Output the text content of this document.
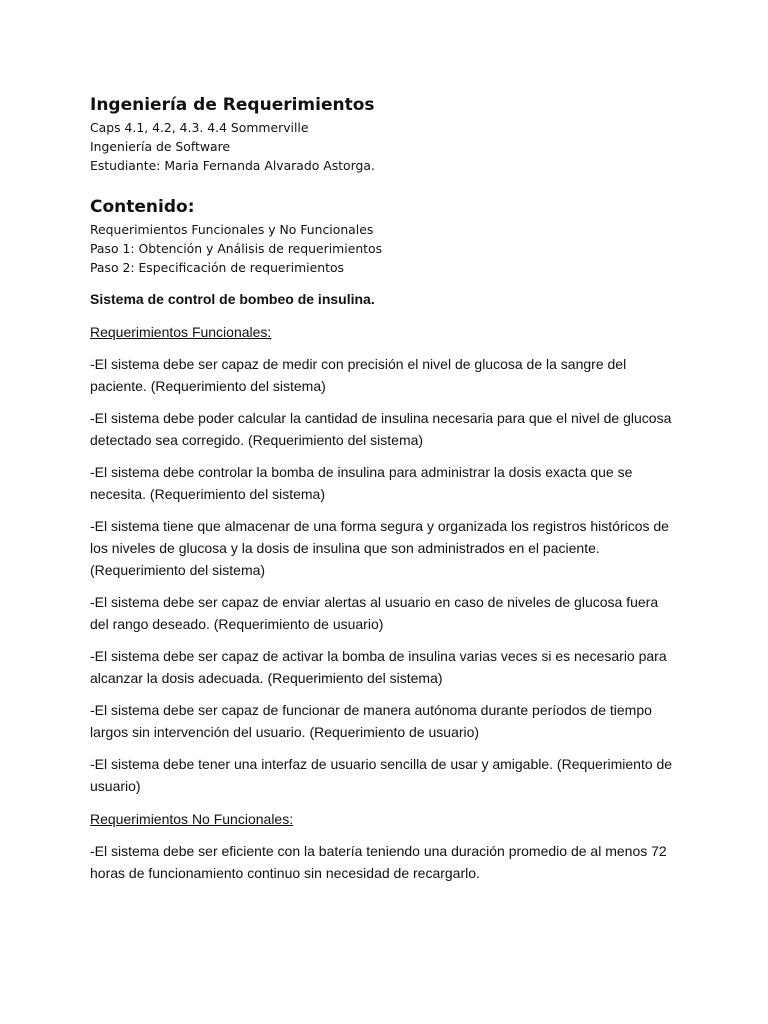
Ingeniería de Requerimientos

Caps 4.1, 4.2, 4.3. 4.4 Sommerville

Ingeniería de Software

Estudiante: Maria Fernanda Alvarado Astorga.

Contenido:
Requerimientos Funcionales y No Funcionales
Paso 1: Obtención y Análisis de requerimientos
Paso 2: Especificación de requerimientos

Sistema de control de bombeo de insulina.

Requerimientos Funcionales:

-El sistema debe ser capaz de medir con precisión el nivel de glucosa de la sangre del paciente. (Requerimiento del sistema)

-El sistema debe poder calcular la cantidad de insulina necesaria para que el nivel de glucosa detectado sea corregido. (Requerimiento del sistema)

-El sistema debe controlar la bomba de insulina para administrar la dosis exacta que se necesita. (Requerimiento del sistema)

-El sistema tiene que almacenar de una forma segura y organizada los registros históricos de los niveles de glucosa y la dosis de insulina que son administrados en el paciente. (Requerimiento del sistema)

-El sistema debe ser capaz de enviar alertas al usuario en caso de niveles de glucosa fuera del rango deseado. (Requerimiento de usuario)

-El sistema debe ser capaz de activar la bomba de insulina varias veces si es necesario para alcanzar la dosis adecuada. (Requerimiento del sistema)

-El sistema debe ser capaz de funcionar de manera autónoma durante períodos de tiempo largos sin intervención del usuario. (Requerimiento de usuario)

-El sistema debe tener una interfaz de usuario sencilla de usar y amigable. (Requerimiento de usuario)

Requerimientos No Funcionales:

-El sistema debe ser eficiente con la batería teniendo una duración promedio de al menos 72 horas de funcionamiento continuo sin necesidad de recargarlo.
